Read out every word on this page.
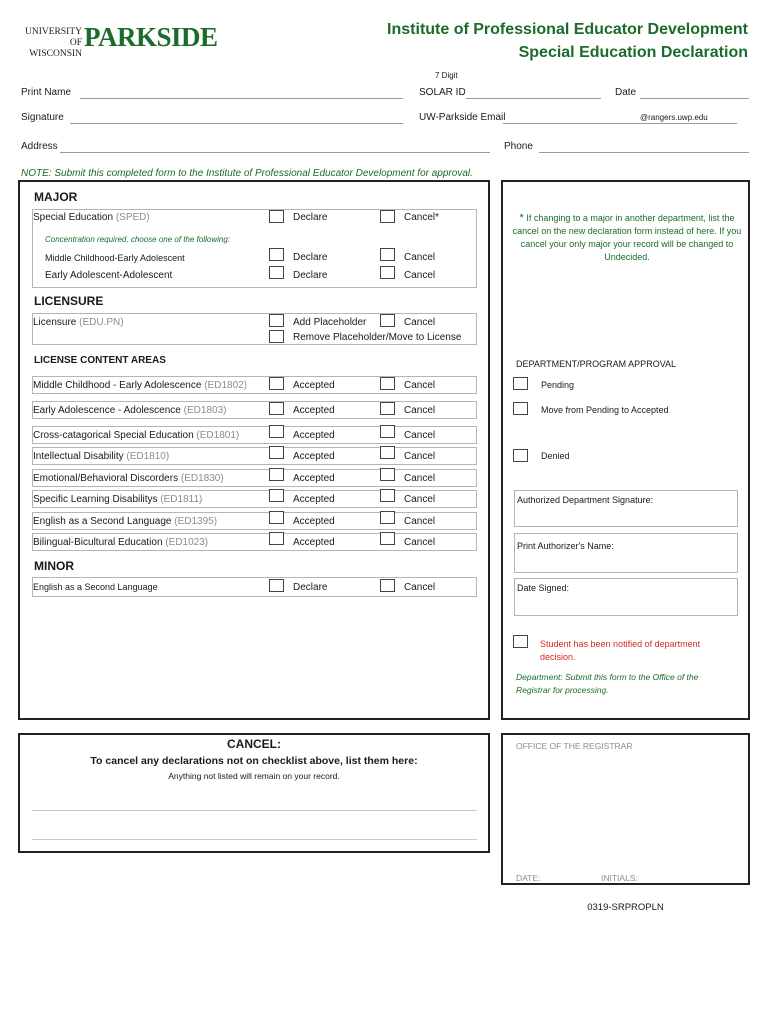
UNIVERSITY OF
WISCONSIN
PARKSIDE	Institute of Professional Educator Development
Special Education Declaration
7 Digit
Print Name	SOLAR ID	Date
Signature	UW-Parkside Email	@rangers.uwp.edu
Address	Phone
NOTE: Submit this completed form to the Institute of Professional Educator Development for approval.
MAJOR
Special Education (SPED)	Declare	Cancel*
Concentration required, choose one of the following:
Middle Childhood-Early Adolescent	Declare	Cancel
Early Adolescent-Adolescent	Declare	Cancel
LICENSURE
Licensure (EDU.PN)	Add Placeholder	Cancel
Remove Placeholder/Move to License
LICENSE CONTENT AREAS
Middle Childhood - Early Adolescence (ED1802)	Accepted	Cancel
Early Adolescence - Adolescence (ED1803)	Accepted	Cancel
Cross-catagorical Special Education (ED1801)	Accepted	Cancel
Intellectual Disability (ED1810)	Accepted	Cancel
Emotional/Behavioral Discorders (ED1830)	Accepted	Cancel
Specific Learning Disabilitys (ED1811)	Accepted	Cancel
English as a Second Language (ED1395)	Accepted	Cancel
Bilingual-Bicultural Education (ED1023)	Accepted	Cancel
MINOR
English as a Second Language	Declare	Cancel
* If changing to a major in another department, list the cancel on the new declaration form instead of here. If you cancel your only major your record will be changed to Undecided.
DEPARTMENT/PROGRAM APPROVAL
Pending
Move from Pending to Accepted
Denied
Authorized Department Signature:
Print Authorizer's Name:
Date Signed:
Student has been notified of department decision.
Department: Submit this form to the Office of the Registrar for processing.
CANCEL:
To cancel any declarations not on checklist above, list them here:
Anything not listed will remain on your record.
OFFICE OF THE REGISTRAR
DATE:	INITIALS:
0319-SRPROPLN
